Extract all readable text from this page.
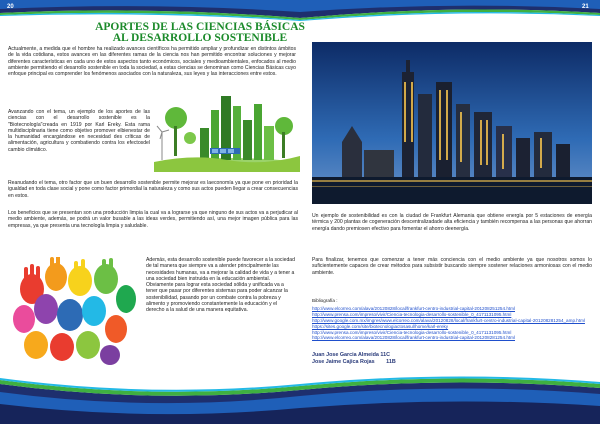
20	21
APORTES DE LAS CIENCIAS BÁSICAS
AL DESARROLLO SOSTENIBLE

Actualmente, a medida que el hombre ha realizado avances científicos ha permitido ampliar y profundizar en distintos ámbitos de la vida cotidiana, estos avances en las diferentes ramas de la ciencia nos han permitido encontrar soluciones y mejorar diferentes características en cada uno de estos aspectos tanto económicos, sociales y medioambientales, enfocados al medio ambiente permitiendo el desarrollo sostenible en toda la sociedad, a estas ciencias se denominan como Ciencias Básicas cuyo enfoque principal es comprender los fenómenos asociados con la naturaleza, sus leyes y las interacciones entre estos.

Avanzando con el tema, un ejemplo de los aportes de las ciencias con el desarrollo sostenible es la "Biotecnología"creada en 1919 por Karl Ereky. Esta rama multidisciplinaria tiene como objetivo promover elbienestar de la humanidad encargándose en necesidad des críticas de alimentación, agricultura y combatiendo contra los efectosdel cambio climático.

Reanudando el tema, otro factor que un buen desarrollo sostenible permite mejorar es laeconomía ya que pone en prioridad la igualdad en toda clase social y pone como factor primordial la naturaleza y como sus actos pueden llegar a crear consecuencias en estos.

Los beneficios que se presentan son una producción limpia la cual va a lograrse ya que ninguno de sus actos va a perjudicar al medio ambiente, además, se podrá un valor busable a las ideas verdes, permitiendo así, una mejor imagen pública para las empresas, ya que presenta una tecnología limpia y saludable.

Además, esta desarrollo sostenible puede favorecer a la sociedad de tal manera que siempre va a atender principalmente las necesidades humanas, va a mejorar la calidad de vida y a tener a una sociedad bien instruida en la educación ambiental. Obviamente para lograr esta sociedad sólida y unificada va a tener que pasar por diferentes sistemas para poder alcanzar la sostenibilidad, pasando por un combate contra la pobreza y alimento y promoviendo constantemente la educación y el derecho a la salud de una manera equitativa.

Un ejemplo de sostenibilidad es con la ciudad de Frankfurt Alemania que obtiene energía por 5 estaciones de energía térmica y 200 plantas de cogeneración descentralizadade alta eficiencia y también recompensa a las personas que ahorran energía dando premiosen efectivo para fomentar el ahorro deenergía.

Para finalizar, tenemos que comenzar a tener más conciencia con el medio ambiente ya que nosotros somos lo suficientemente capaces de crear métodos para subsistir buscando siempre sostener relaciones armoniosas con el medio ambiente.

Bibliografía :
http://www.elcorreo.com/alava/20120828/local/frankfurt-centro-industrial-capital-201208251254.html
http://www.prensa.com/impreso/vivir/Ciencia-tecnologia-desarrollo-sostenible_0_4171131095.html
http://www.google.com.mx/imgres/www.elcorreo.com/alava/20120828/local/frankfurt-centro-industrial-capital-201208281254_amp.html
https://sites.google.com/site/biotecnologiactosasul/home/karl-ereky
http://www.prensa.com/impreso/vivir/Ciencia-tecnologia-desarrollo-sostenible_0_4171131095.html
http://www.elcorreo.com/alava/20120828/local/frankfurt-centro-industrial-capital-201208281254.html
Juan Jose Garcia Almeida 11C
Jose Jaime Cajica Rojas 11B
